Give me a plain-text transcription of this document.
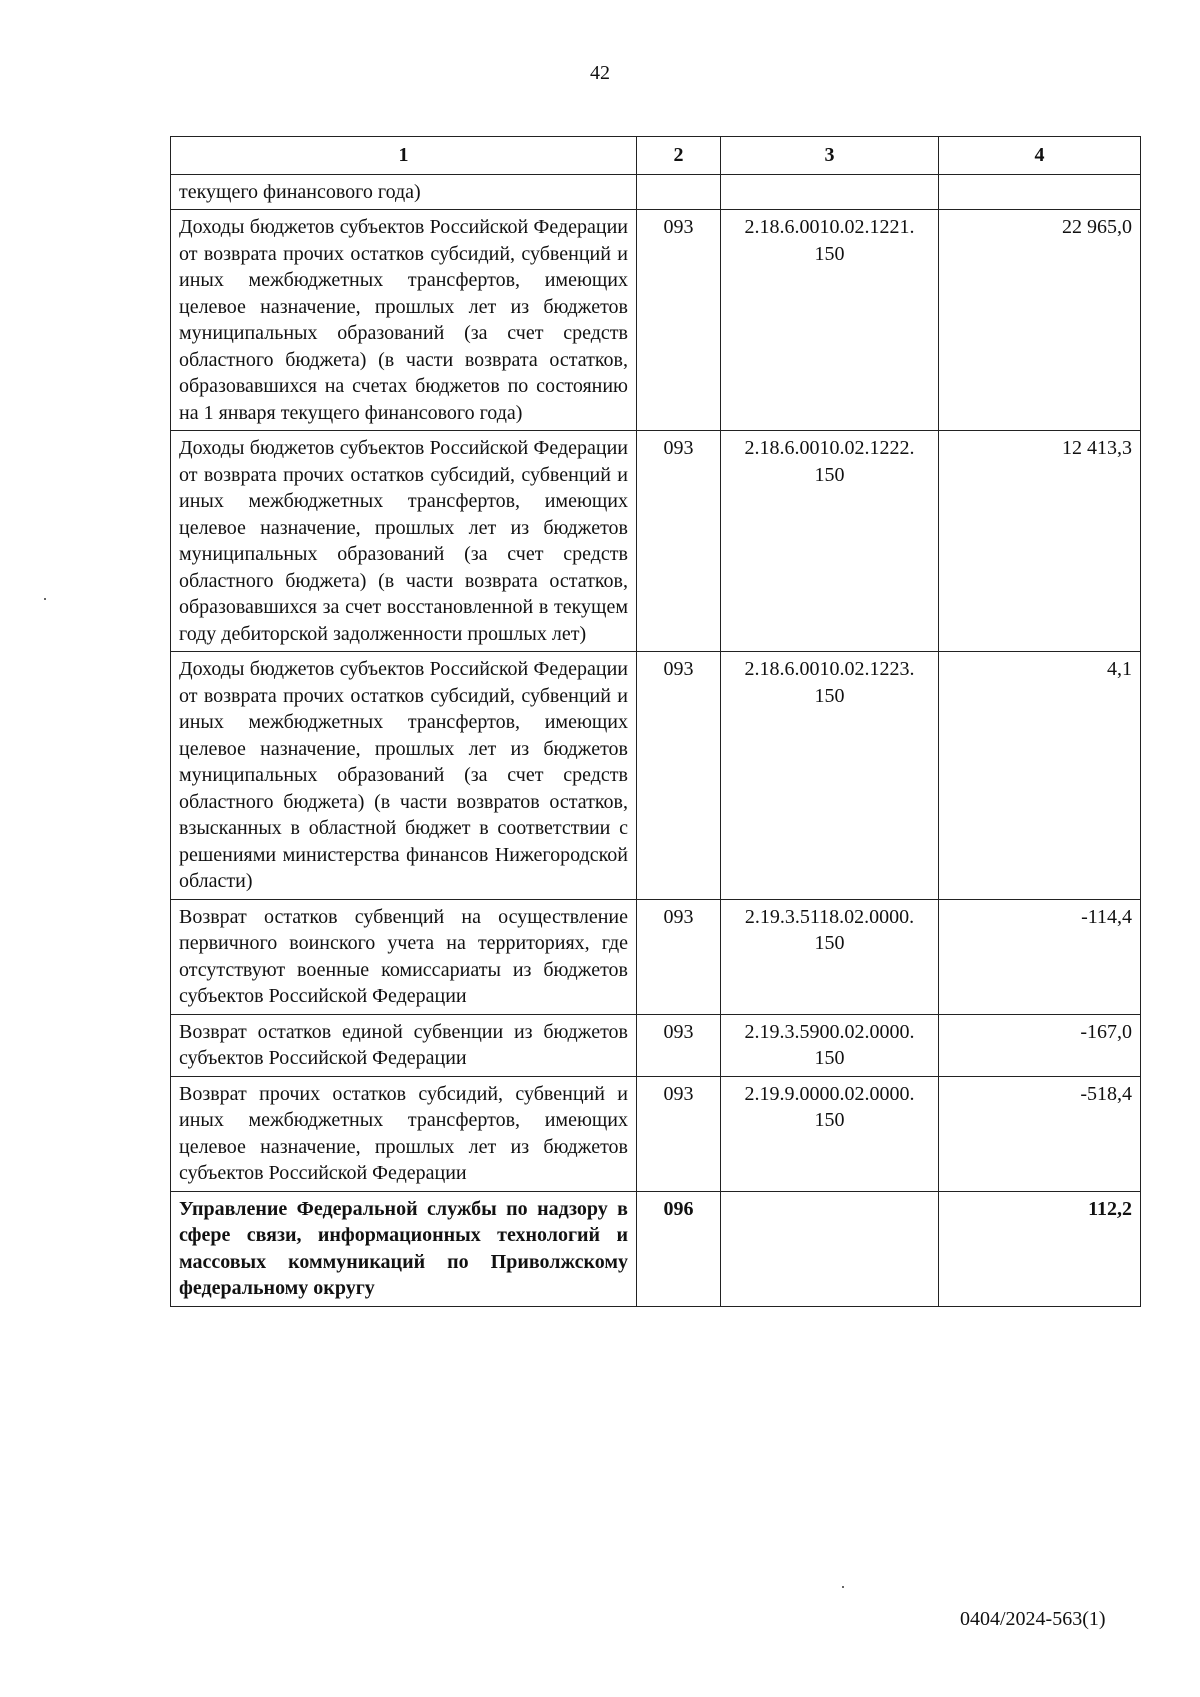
42
1	2	3	4
текущего финансового года)			
Доходы бюджетов субъектов Российской Федерации от возврата прочих остатков субсидий, субвенций и иных межбюджетных трансфертов, имеющих целевое назначение, прошлых лет из бюджетов муниципальных образований (за счет средств областного бюджета) (в части возврата остатков, образовавшихся на счетах бюджетов по состоянию на 1 января текущего финансового года)	093	2.18.6.0010.02.1221. 150	22 965,0
Доходы бюджетов субъектов Российской Федерации от возврата прочих остатков субсидий, субвенций и иных межбюджетных трансфертов, имеющих целевое назначение, прошлых лет из бюджетов муниципальных образований (за счет средств областного бюджета) (в части возврата остатков, образовавшихся за счет восстановленной в текущем году дебиторской задолженности прошлых лет)	093	2.18.6.0010.02.1222. 150	12 413,3
Доходы бюджетов субъектов Российской Федерации от возврата прочих остатков субсидий, субвенций и иных межбюджетных трансфертов, имеющих целевое назначение, прошлых лет из бюджетов муниципальных образований (за счет средств областного бюджета) (в части возвратов остатков, взысканных в областной бюджет в соответствии с решениями министерства финансов Нижегородской области)	093	2.18.6.0010.02.1223. 150	4,1
Возврат остатков субвенций на осуществление первичного воинского учета на территориях, где отсутствуют военные комиссариаты из бюджетов субъектов Российской Федерации	093	2.19.3.5118.02.0000. 150	-114,4
Возврат остатков единой субвенции из бюджетов субъектов Российской Федерации	093	2.19.3.5900.02.0000. 150	-167,0
Возврат прочих остатков субсидий, субвенций и иных межбюджетных трансфертов, имеющих целевое назначение, прошлых лет из бюджетов субъектов Российской Федерации	093	2.19.9.0000.02.0000. 150	-518,4
Управление Федеральной службы по надзору в сфере связи, информационных технологий и массовых коммуникаций по Приволжскому федеральному округу	096		112,2
0404/2024-563(1)
